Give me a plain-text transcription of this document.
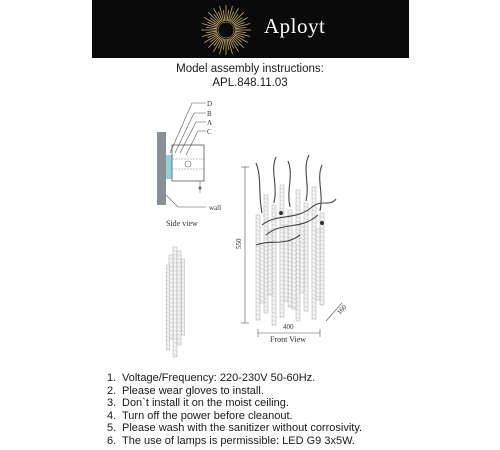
Aployt
Model assembly instructions:
APL.848.11.03
D
B
A
C
wall
Side view
550
400
160
Front View
1. Voltage/Frequency: 220-230V 50-60Hz.
2. Please wear gloves to install.
3. Don`t install it on the moist ceiling.
4. Turn off the power before cleanout.
5. Please wash with the sanitizer without corrosivity.
6. The use of lamps is permissible: LED G9 3x5W.
